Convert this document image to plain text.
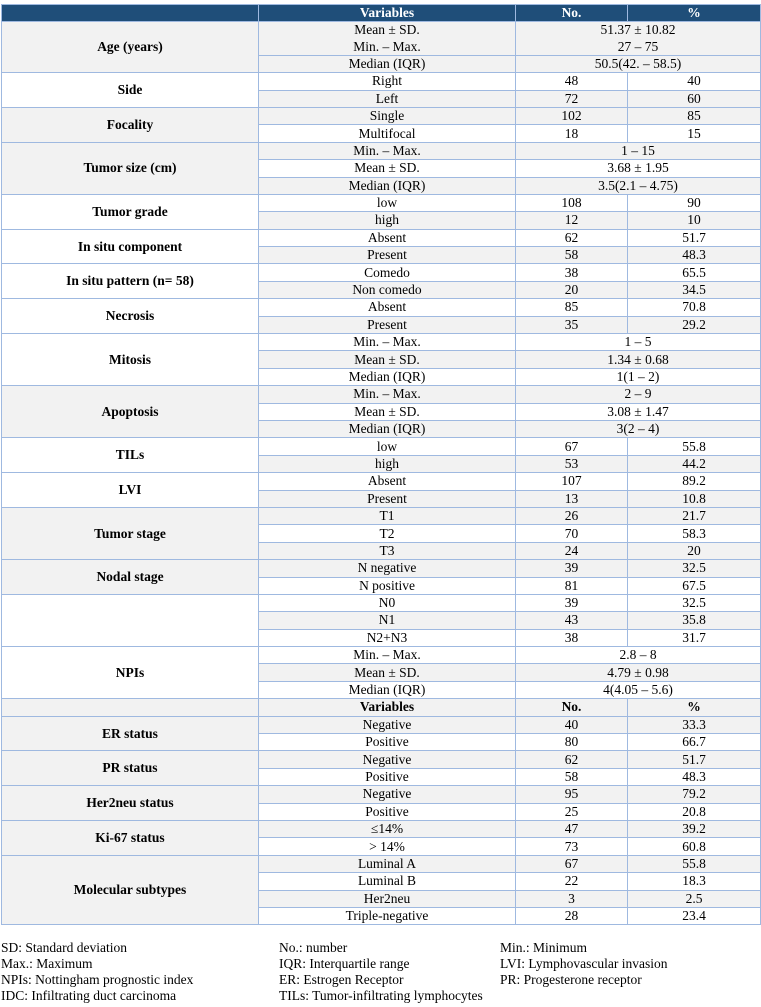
	Variables	No.	%
Age (years)	Mean ± SD.	51.37 ± 10.82	
	Min. – Max.	27 – 75	
	Median (IQR)	50.5(42. – 58.5)	
Side	Right	48	40
	Left	72	60
Focality	Single	102	85
	Multifocal	18	15
Tumor size (cm)	Min. – Max.	1 – 15	
	Mean ± SD.	3.68 ± 1.95	
	Median (IQR)	3.5(2.1 – 4.75)	
Tumor grade	low	108	90
	high	12	10
In situ component	Absent	62	51.7
	Present	58	48.3
In situ pattern (n= 58)	Comedo	38	65.5
	Non comedo	20	34.5
Necrosis	Absent	85	70.8
	Present	35	29.2
Mitosis	Min. – Max.	1 – 5	
	Mean ± SD.	1.34 ± 0.68	
	Median (IQR)	1(1 – 2)	
Apoptosis	Min. – Max.	2 – 9	
	Mean ± SD.	3.08 ± 1.47	
	Median (IQR)	3(2 – 4)	
TILs	low	67	55.8
	high	53	44.2
LVI	Absent	107	89.2
	Present	13	10.8
Tumor stage	T1	26	21.7
	T2	70	58.3
	T3	24	20
Nodal stage	N negative	39	32.5
	N positive	81	67.5
	N0	39	32.5
	N1	43	35.8
	N2+N3	38	31.7
NPIs	Min. – Max.	2.8 – 8	
	Mean ± SD.	4.79 ± 0.98	
	Median (IQR)	4(4.05 – 5.6)	
	Variables	No.	%
ER status	Negative	40	33.3
	Positive	80	66.7
PR status	Negative	62	51.7
	Positive	58	48.3
Her2neu status	Negative	95	79.2
	Positive	25	20.8
Ki-67 status	≤14%	47	39.2
	> 14%	73	60.8
Molecular subtypes	Luminal A	67	55.8
	Luminal B	22	18.3
	Her2neu	3	2.5
	Triple-negative	28	23.4
SD: Standard deviation	No.: number	Min.: Minimum
Max.: Maximum	IQR: Interquartile range	LVI: Lymphovascular invasion
NPIs: Nottingham prognostic index	ER: Estrogen Receptor	PR: Progesterone receptor
IDC: Infiltrating duct carcinoma	TILs: Tumor-infiltrating lymphocytes
